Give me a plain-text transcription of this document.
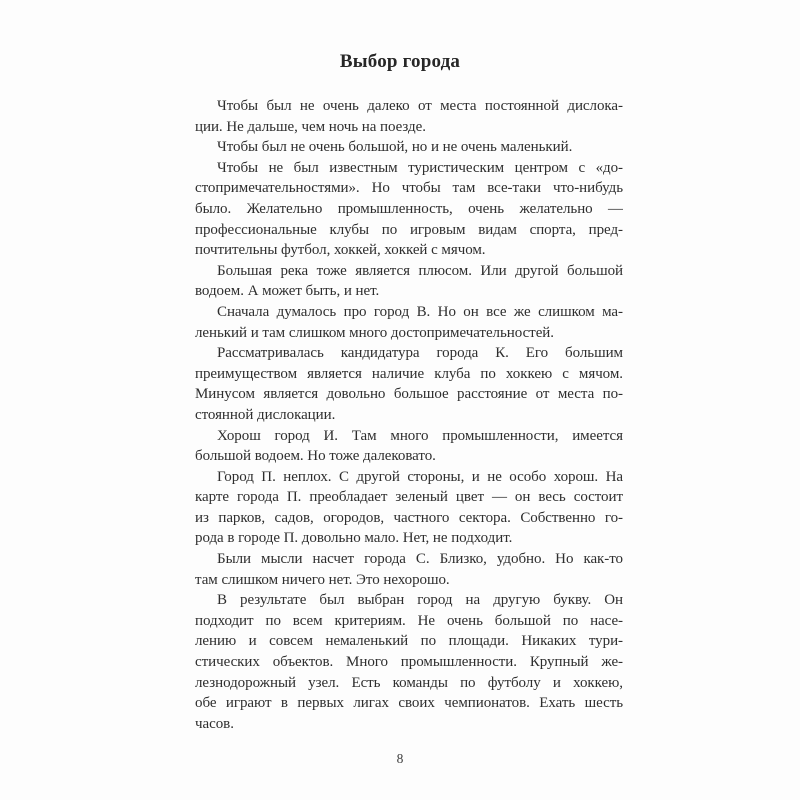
Выбор города

Чтобы был не очень далеко от места постоянной дислока-
ции. Не дальше, чем ночь на поезде.

Чтобы был не очень большой, но и не очень маленький.

Чтобы не был известным туристическим центром с «до-
стопримечательностями». Но чтобы там все-таки что-нибудь
было. Желательно промышленность, очень желательно —
профессиональные клубы по игровым видам спорта, пред-
почтительны футбол, хоккей, хоккей с мячом.

Большая река тоже является плюсом. Или другой большой
водоем. А может быть, и нет.

Сначала думалось про город В. Но он все же слишком ма-
ленький и там слишком много достопримечательностей.

Рассматривалась кандидатура города К. Его большим
преимуществом является наличие клуба по хоккею с мячом.
Минусом является довольно большое расстояние от места по-
стоянной дислокации.

Хорош город И. Там много промышленности, имеется
большой водоем. Но тоже далековато.

Город П. неплох. С другой стороны, и не особо хорош. На
карте города П. преобладает зеленый цвет — он весь состоит
из парков, садов, огородов, частного сектора. Собственно го-
рода в городе П. довольно мало. Нет, не подходит.

Были мысли насчет города С. Близко, удобно. Но как-то
там слишком ничего нет. Это нехорошо.

В результате был выбран город на другую букву. Он
подходит по всем критериям. Не очень большой по насе-
лению и совсем немаленький по площади. Никаких тури-
стических объектов. Много промышленности. Крупный же-
лезнодорожный узел. Есть команды по футболу и хоккею,
обе играют в первых лигах своих чемпионатов. Ехать шесть
часов.

8
